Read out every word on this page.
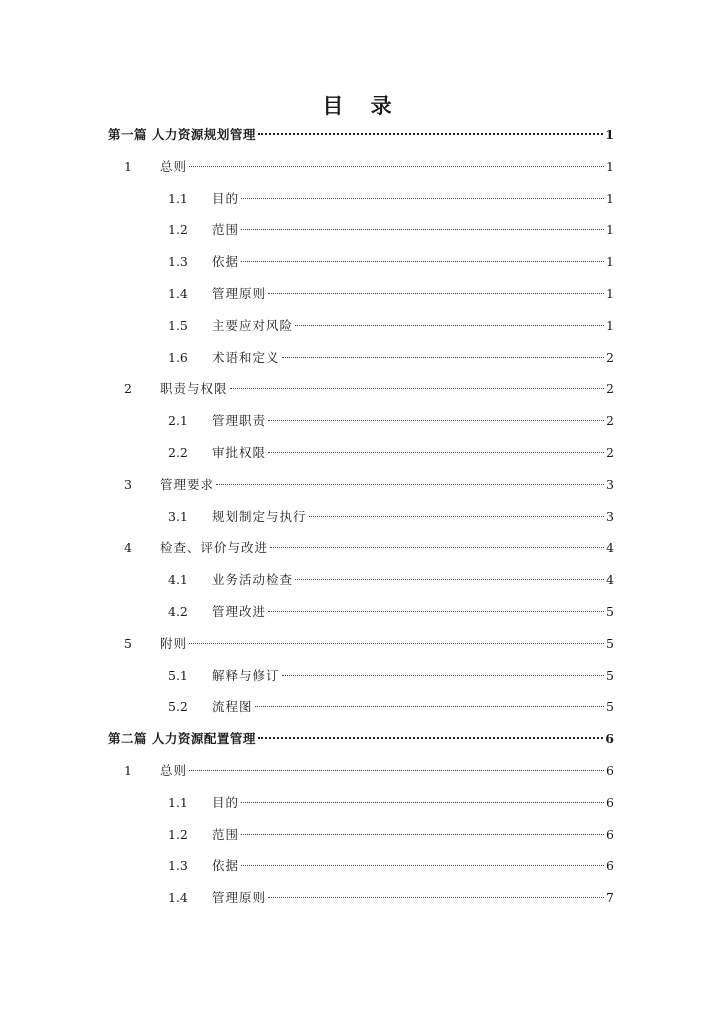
目 录
第一篇 人力资源规划管理	1
1	总则	1
1.1	目的	1
1.2	范围	1
1.3	依据	1
1.4	管理原则	1
1.5	主要应对风险	1
1.6	术语和定义	2
2	职责与权限	2
2.1	管理职责	2
2.2	审批权限	2
3	管理要求	3
3.1	规划制定与执行	3
4	检查、评价与改进	4
4.1	业务活动检查	4
4.2	管理改进	5
5	附则	5
5.1	解释与修订	5
5.2	流程图	5
第二篇 人力资源配置管理	6
1	总则	6
1.1	目的	6
1.2	范围	6
1.3	依据	6
1.4	管理原则	7
